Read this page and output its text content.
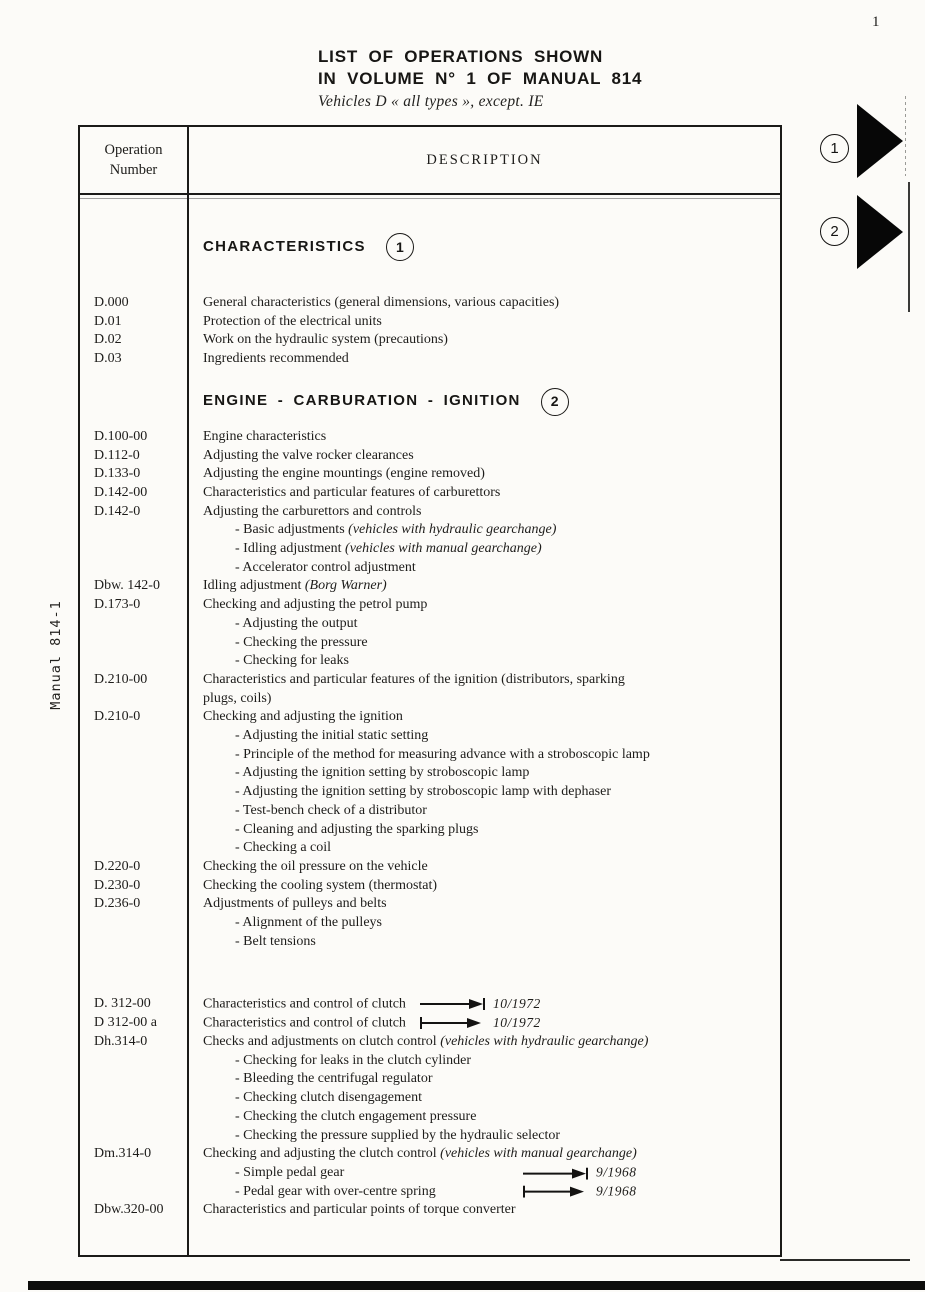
1
LIST OF OPERATIONS SHOWN
IN VOLUME N° 1 OF MANUAL 814
Vehicles D « all types », except. IE
1
2
Manual 814-1
Operation Number
DESCRIPTION
CHARACTERISTICS	1
D.000	General characteristics (general dimensions, various capacities)
D.01	Protection of the electrical units
D.02	Work on the hydraulic system (precautions)
D.03	Ingredients recommended
ENGINE - CARBURATION - IGNITION	2
D.100-00	Engine characteristics
D.112-0	Adjusting the valve rocker clearances
D.133-0	Adjusting the engine mountings (engine removed)
D.142-00	Characteristics and particular features of carburettors
D.142-0	Adjusting the carburettors and controls
- Basic adjustments (vehicles with hydraulic gearchange)
- Idling adjustment (vehicles with manual gearchange)
- Accelerator control adjustment
Dbw. 142-0	Idling adjustment (Borg Warner)
D.173-0	Checking and adjusting the petrol pump
- Adjusting the output
- Checking the pressure
- Checking for leaks
D.210-00	Characteristics and particular features of the ignition (distributors, sparking
plugs, coils)
D.210-0	Checking and adjusting the ignition
- Adjusting the initial static setting
- Principle of the method for measuring advance with a stroboscopic lamp
- Adjusting the ignition setting by stroboscopic lamp
- Adjusting the ignition setting by stroboscopic lamp with dephaser
- Test-bench check of a distributor
- Cleaning and adjusting the sparking plugs
- Checking a coil
D.220-0	Checking the oil pressure on the vehicle
D.230-0	Checking the cooling system (thermostat)
D.236-0	Adjustments of pulleys and belts
- Alignment of the pulleys
- Belt tensions
D. 312-00	Characteristics and control of clutch	10/1972
D 312-00 a	Characteristics and control of clutch	10/1972
Dh.314-0	Checks and adjustments on clutch control (vehicles with hydraulic gearchange)
- Checking for leaks in the clutch cylinder
- Bleeding the centrifugal regulator
- Checking clutch disengagement
- Checking the clutch engagement pressure
- Checking the pressure supplied by the hydraulic selector
Dm.314-0	Checking and adjusting the clutch control (vehicles with manual gearchange)
- Simple pedal gear	9/1968
- Pedal gear with over-centre spring	9/1968
Dbw.320-00	Characteristics and particular points of torque converter
